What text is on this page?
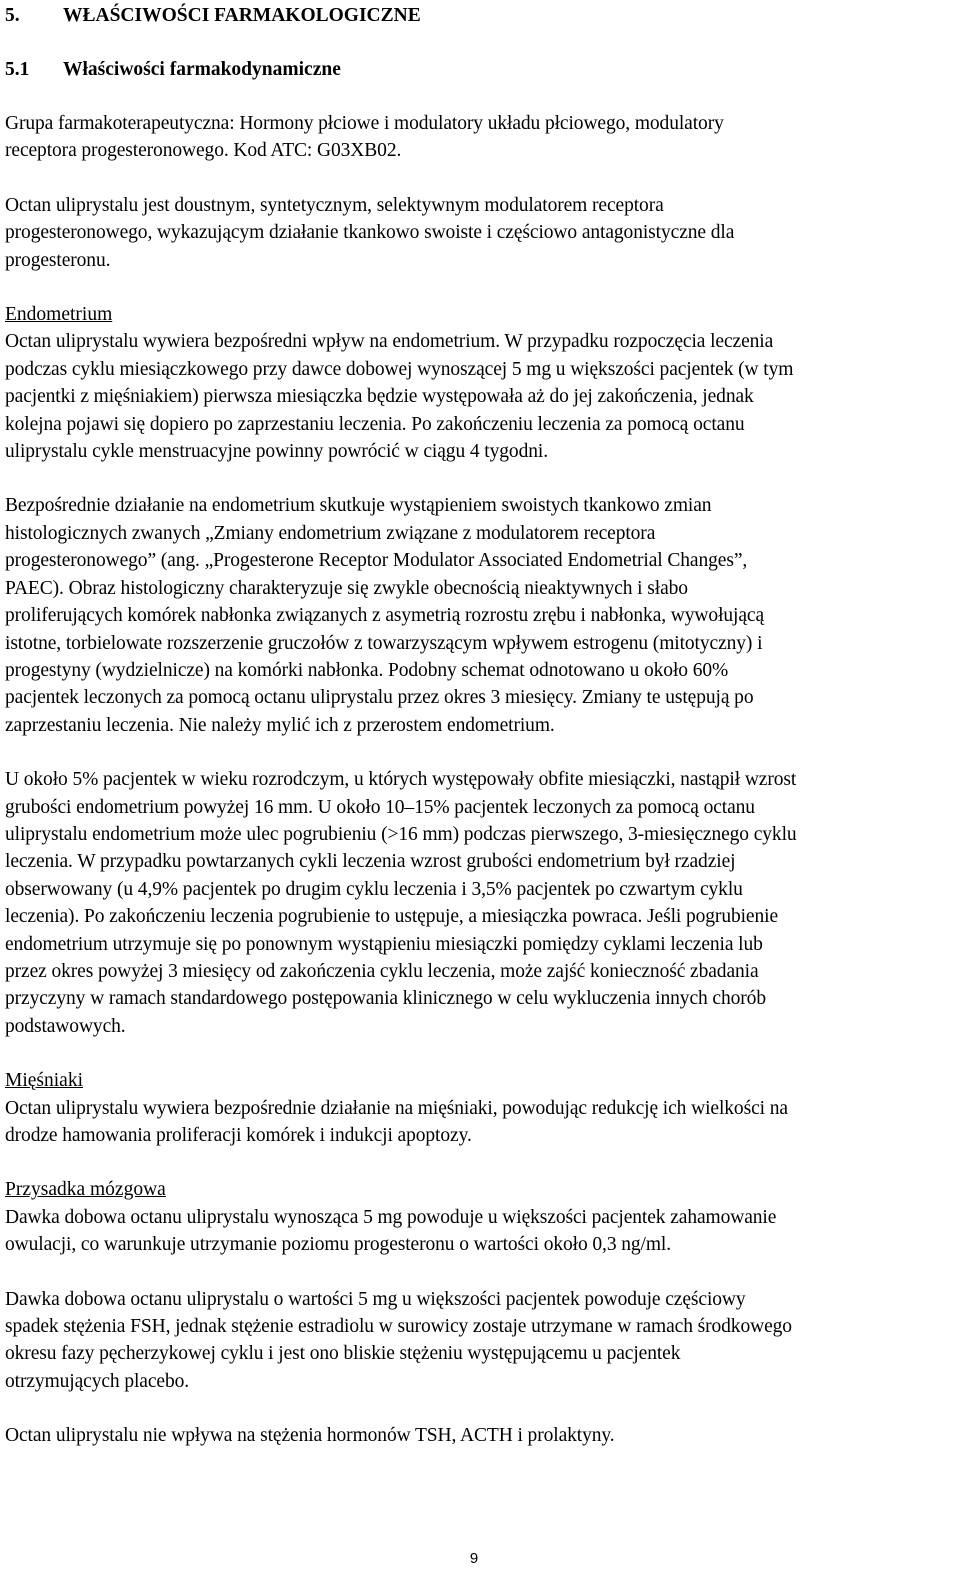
5. WŁAŚCIWOŚCI FARMAKOLOGICZNE
5.1 Właściwości farmakodynamiczne
Grupa farmakoterapeutyczna: Hormony płciowe i modulatory układu płciowego, modulatory
receptora progesteronowego. Kod ATC: G03XB02.
Octan uliprystalu jest doustnym, syntetycznym, selektywnym modulatorem receptora
progesteronowego, wykazującym działanie tkankowo swoiste i częściowo antagonistyczne dla
progesteronu.
Endometrium
Octan uliprystalu wywiera bezpośredni wpływ na endometrium. W przypadku rozpoczęcia leczenia
podczas cyklu miesiączkowego przy dawce dobowej wynoszącej 5 mg u większości pacjentek (w tym
pacjentki z mięśniakiem) pierwsza miesiączka będzie występowała aż do jej zakończenia, jednak
kolejna pojawi się dopiero po zaprzestaniu leczenia. Po zakończeniu leczenia za pomocą octanu
uliprystalu cykle menstruacyjne powinny powrócić w ciągu 4 tygodni.
Bezpośrednie działanie na endometrium skutkuje wystąpieniem swoistych tkankowo zmian
histologicznych zwanych „Zmiany endometrium związane z modulatorem receptora
progesteronowego” (ang. „Progesterone Receptor Modulator Associated Endometrial Changes”,
PAEC). Obraz histologiczny charakteryzuje się zwykle obecnością nieaktywnych i słabo
proliferujących komórek nabłonka związanych z asymetrią rozrostu zrębu i nabłonka, wywołującą
istotne, torbielowate rozszerzenie gruczołów z towarzyszącym wpływem estrogenu (mitotyczny) i
progestyny (wydzielnicze) na komórki nabłonka. Podobny schemat odnotowano u około 60%
pacjentek leczonych za pomocą octanu uliprystalu przez okres 3 miesięcy. Zmiany te ustępują po
zaprzestaniu leczenia. Nie należy mylić ich z przerostem endometrium.
U około 5% pacjentek w wieku rozrodczym, u których występowały obfite miesiączki, nastąpił wzrost
grubości endometrium powyżej 16 mm. U około 10–15% pacjentek leczonych za pomocą octanu
uliprystalu endometrium może ulec pogrubieniu (>16 mm) podczas pierwszego, 3-miesięcznego cyklu
leczenia. W przypadku powtarzanych cykli leczenia wzrost grubości endometrium był rzadziej
obserwowany (u 4,9% pacjentek po drugim cyklu leczenia i 3,5% pacjentek po czwartym cyklu
leczenia). Po zakończeniu leczenia pogrubienie to ustępuje, a miesiączka powraca. Jeśli pogrubienie
endometrium utrzymuje się po ponownym wystąpieniu miesiączki pomiędzy cyklami leczenia lub
przez okres powyżej 3 miesięcy od zakończenia cyklu leczenia, może zajść konieczność zbadania
przyczyny w ramach standardowego postępowania klinicznego w celu wykluczenia innych chorób
podstawowych.
Mięśniaki
Octan uliprystalu wywiera bezpośrednie działanie na mięśniaki, powodując redukcję ich wielkości na
drodze hamowania proliferacji komórek i indukcji apoptozy.
Przysadka mózgowa
Dawka dobowa octanu uliprystalu wynosząca 5 mg powoduje u większości pacjentek zahamowanie
owulacji, co warunkuje utrzymanie poziomu progesteronu o wartości około 0,3 ng/ml.
Dawka dobowa octanu uliprystalu o wartości 5 mg u większości pacjentek powoduje częściowy
spadek stężenia FSH, jednak stężenie estradiolu w surowicy zostaje utrzymane w ramach środkowego
okresu fazy pęcherzykowej cyklu i jest ono bliskie stężeniu występującemu u pacjentek
otrzymujących placebo.
Octan uliprystalu nie wpływa na stężenia hormonów TSH, ACTH i prolaktyny.
9
